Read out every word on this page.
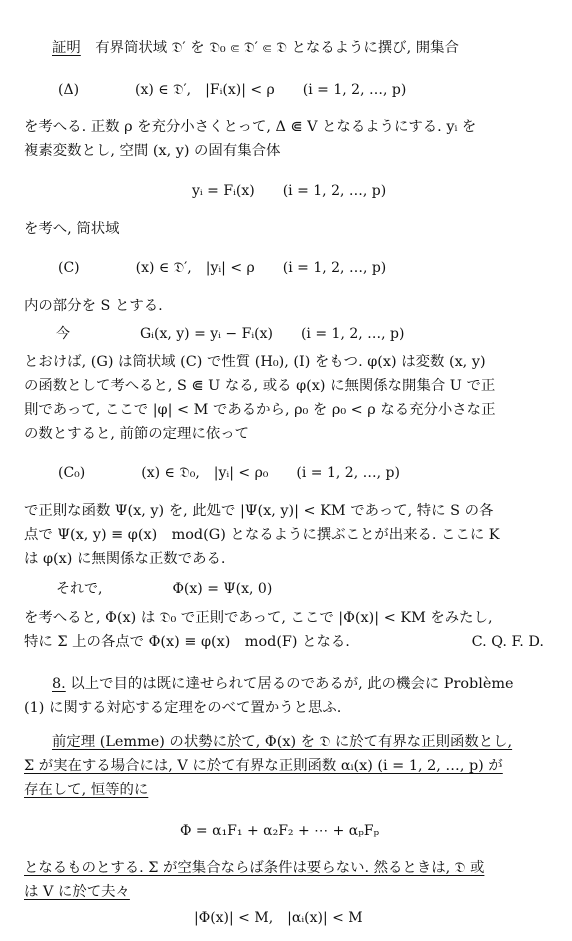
証明　有界筒状域 𝔇′ を 𝔇₀ ⋐ 𝔇′ ⋐ 𝔇 となるように撰び, 開集合
(Δ)　　　　(x) ∈ 𝔇′,　|Fᵢ(x)| < ρ　　(i = 1, 2, …, p)
を考へる. 正数 ρ を充分小さくとって, Δ ⋐ V となるようにする. yᵢ を
複素変数とし, 空間 (x, y) の固有集合体
yᵢ = Fᵢ(x)　　(i = 1, 2, …, p)
を考へ, 筒状域
(C)　　　　(x) ∈ 𝔇′,　|yᵢ| < ρ　　(i = 1, 2, …, p)
内の部分を S とする.
今　　　　　Gᵢ(x, y) = yᵢ − Fᵢ(x)　　(i = 1, 2, …, p)
とおけば, (G) は筒状域 (C) で性質 (H₀), (I) をもつ. φ(x) は変数 (x, y)
の函数として考へると, S ⋐ U なる, 或る φ(x) に無関係な開集合 U で正
則であって, ここで |φ| < M であるから, ρ₀ を ρ₀ < ρ なる充分小さな正
の数とすると, 前節の定理に依って
(C₀)　　　　(x) ∈ 𝔇₀,　|yᵢ| < ρ₀　　(i = 1, 2, …, p)
で正則な函数 Ψ(x, y) を, 此処で |Ψ(x, y)| < KM であって, 特に S の各
点で Ψ(x, y) ≡ φ(x)　mod(G) となるように撰ぶことが出来る. ここに K
は φ(x) に無関係な正数である.
それで,　　　　　Φ(x) = Ψ(x, 0)
を考へると, Φ(x) は 𝔇₀ で正則であって, ここで |Φ(x)| < KM をみたし,
特に Σ 上の各点で Φ(x) ≡ φ(x)　mod(F) となる.	C. Q. F. D.
8. 以上で目的は既に達せられて居るのであるが, 此の機会に Problème
(1) に関する対応する定理をのべて置かうと思ふ.
前定理 (Lemme) の状勢に於て, Φ(x) を 𝔇 に於て有界な正則函数とし,
Σ が実在する場合には, V に於て有界な正則函数 αᵢ(x) (i = 1, 2, …, p) が
存在して, 恒等的に
Φ = α₁F₁ + α₂F₂ + ⋯ + αₚFₚ
となるものとする. Σ が空集合ならば条件は要らない. 然るときは, 𝔇 或
は V に於て夫々
|Φ(x)| < M,　|αᵢ(x)| < M
